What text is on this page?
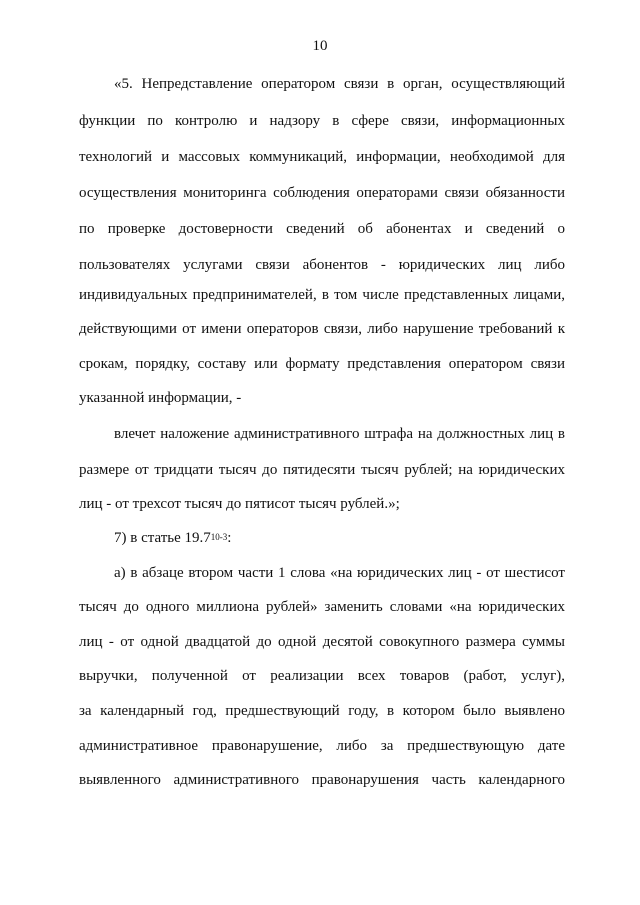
10
«5. Непредставление оператором связи в орган, осуществляющий
функции по контролю и надзору в сфере связи, информационных
технологий и массовых коммуникаций, информации, необходимой для
осуществления мониторинга соблюдения операторами связи обязанности
по проверке достоверности сведений об абонентах и сведений о
пользователях услугами связи абонентов - юридических лиц либо
индивидуальных предпринимателей, в том числе представленных лицами,
действующими от имени операторов связи, либо нарушение требований к
срокам, порядку, составу или формату представления оператором связи
указанной информации, -
влечет наложение административного штрафа на должностных лиц в
размере от тридцати тысяч до пятидесяти тысяч рублей; на юридических
лиц - от трехсот тысяч до пятисот тысяч рублей.»;
7) в статье 19.7$^{10-3}$:
а) в абзаце втором части 1 слова «на юридических лиц - от шестисот
тысяч до одного миллиона рублей» заменить словами «на юридических
лиц - от одной двадцатой до одной десятой совокупного размера суммы
выручки, полученной от реализации всех товаров (работ, услуг),
за календарный год, предшествующий году, в котором было выявлено
административное правонарушение, либо за предшествующую дате
выявленного административного правонарушения часть календарного
